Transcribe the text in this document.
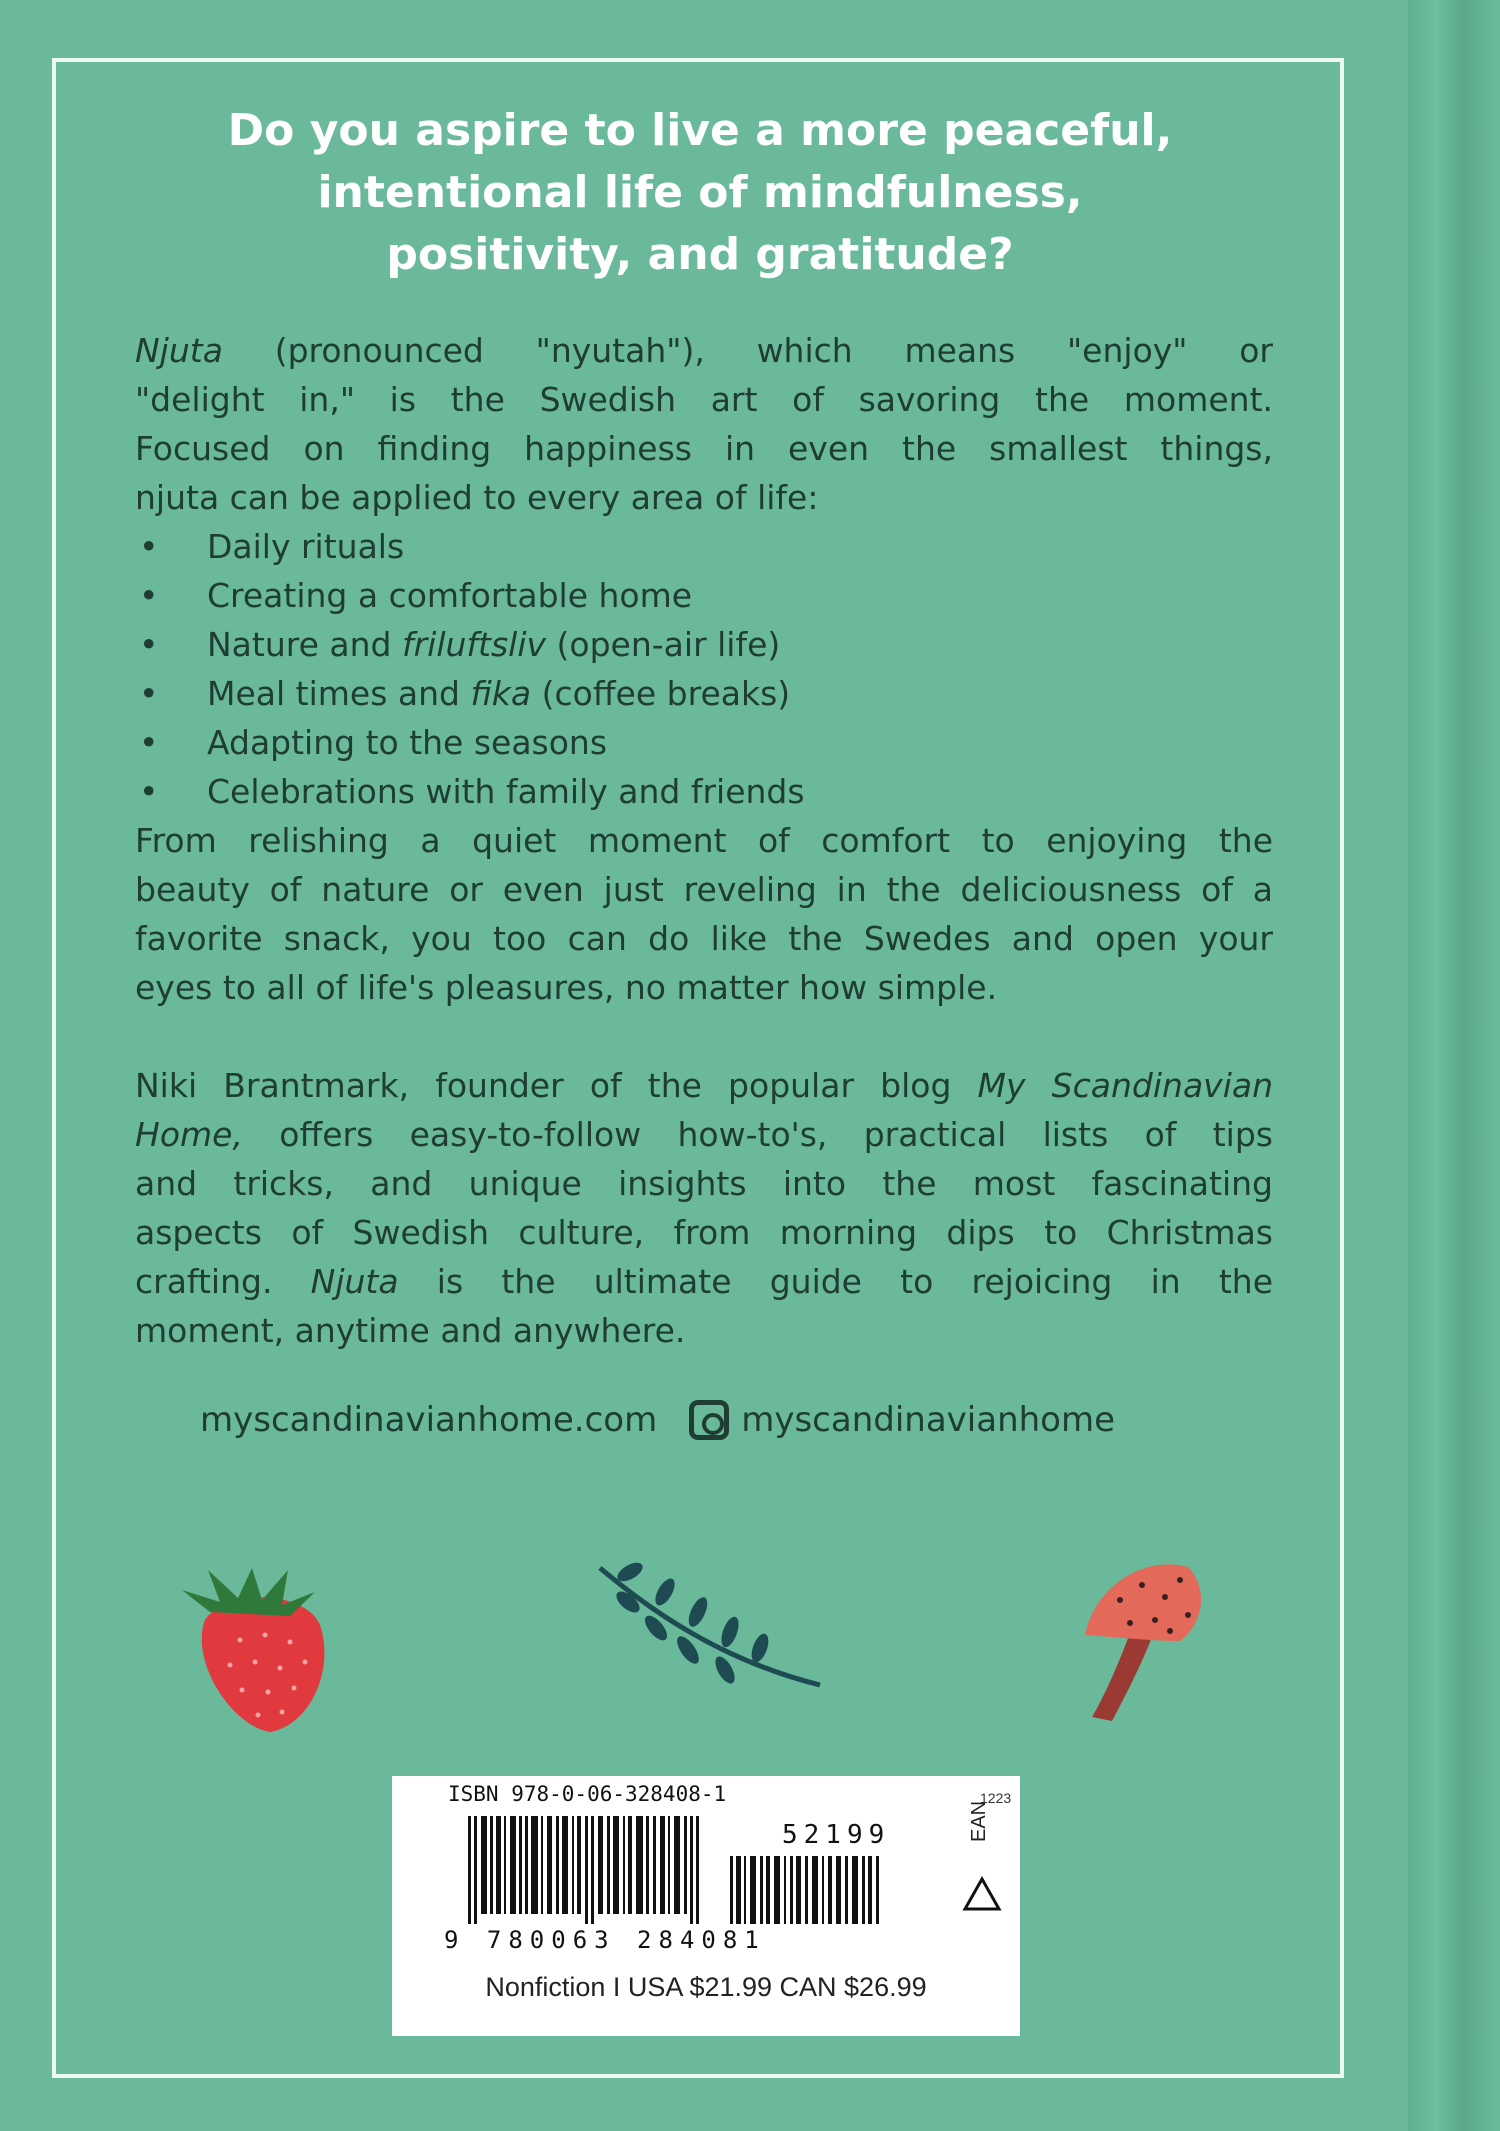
Do you aspire to live a more peaceful,
intentional life of mindfulness,
positivity, and gratitude?
Njuta (pronounced "nyutah"), which means "enjoy" or
"delight in," is the Swedish art of savoring the moment.
Focused on finding happiness in even the smallest things,
njuta can be applied to every area of life:
• Daily rituals
• Creating a comfortable home
• Nature and friluftsliv (open-air life)
• Meal times and fika (coffee breaks)
• Adapting to the seasons
• Celebrations with family and friends
From relishing a quiet moment of comfort to enjoying the
beauty of nature or even just reveling in the deliciousness of a
favorite snack, you too can do like the Swedes and open your
eyes to all of life's pleasures, no matter how simple.
Niki Brantmark, founder of the popular blog My Scandinavian
Home, offers easy-to-follow how-to's, practical lists of tips
and tricks, and unique insights into the most fascinating
aspects of Swedish culture, from morning dips to Christmas
crafting. Njuta is the ultimate guide to rejoicing in the
moment, anytime and anywhere.
myscandinavianhome.com myscandinavianhome
ISBN 978-0-06-328408-1	1223
52199	EAN
9 780063 284081
Nonfiction I USA $21.99 CAN $26.99
